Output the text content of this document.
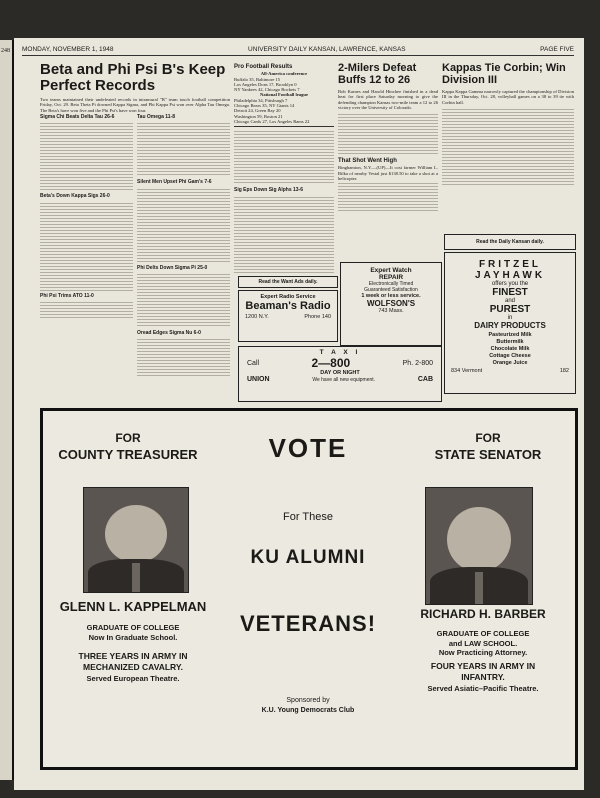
248 MONDAY, NOVEMBER 1, 1948	UNIVERSITY DAILY KANSAN, LAWRENCE, KANSAS	PAGE FIVE
Beta and Phi Psi B's Keep Perfect Records
Two teams maintained their undefeated records in intramural "B" team touch football competition Friday, Oct. 29. Beta Theta Pi downed Kappa Sigma, and Phi Kappa Psi won over Alpha Tau Omega. The Beta's have won five and the Phi Psi's have won four.
Sigma Chi Beats Delta Tau 26-6
Beta's Down Kappa Sigs 26-0
Phi Psi Trims ATO 11-0
Tau Omega 11-8
Silent Men Upset Phi Gam's 7-6
Phi Delts Down Sigma Pi 25-0
Oread Edges Sigma Nu 6-0
Pro Football Results
All-America conference
Buffalo 35, Baltimore 15
Los Angeles Dons 17, Brooklyn 0
NY Yankees 42, Chicago Rockets 7
National Football league
Philadelphia 34, Pittsburgh 7
Chicago Bears 35, NY Giants 14
Detroit 24, Green Bay 20
Washington 59, Boston 21
Chicago Cards 27, Los Angeles Rams 22
Sig Eps Down Sig Alphs 13-6
2-Milers Defeat Buffs 12 to 26
Bob Karnes and Harold Hinchee finished in a dead heat for first place Saturday morning to give the defending champion Kansas two-mile team a 12 to 26 victory over the University of Colorado.
That Shot Went High
Binghamton, N.Y.—(UP)—It cost farmer William L. Bilka of nearby Vestal just $138.50 to take a shot at a helicopter.
Kappas Tie Corbin; Win Division III
Kappa Kappa Gamma narrowly captured the championship of Division III in the Thursday, Oct. 28, volleyball games on a 38 to 39 tie with Corbin hall.
Read the Daily Kansan daily.
Read the Want Ads daily.
FRITZEL
JAYHAWK
offers you the
FINEST
and
PUREST
in
DAIRY PRODUCTS
Pasteurized Milk
Buttermilk
Chocolate Milk
Cottage Cheese
Orange Juice
834 Vermont	182
Expert Radio Service
Beaman's Radio
1200 N.Y.	Phone 140
Expert Watch
REPAIR
Electronically Timed
Guaranteed Satisfaction
1 week or less service.
WOLFSON'S
743 Mass.
T A X I
Call	2—800	Ph. 2-800
DAY OR NIGHT
UNION	We have all new equipment.	CAB
FOR
COUNTY TREASURER
GLENN L. KAPPELMAN
GRADUATE OF COLLEGE
Now In Graduate School.
THREE YEARS IN ARMY IN
MECHANIZED CAVALRY.
Served European Theatre.
VOTE
For These
KU ALUMNI
VETERANS!
Sponsored by
K.U. Young Democrats Club
FOR
STATE SENATOR
RICHARD H. BARBER
GRADUATE OF COLLEGE
and LAW SCHOOL.
Now Practicing Attorney.
FOUR YEARS IN ARMY IN
INFANTRY.
Served Asiatic–Pacific Theatre.
